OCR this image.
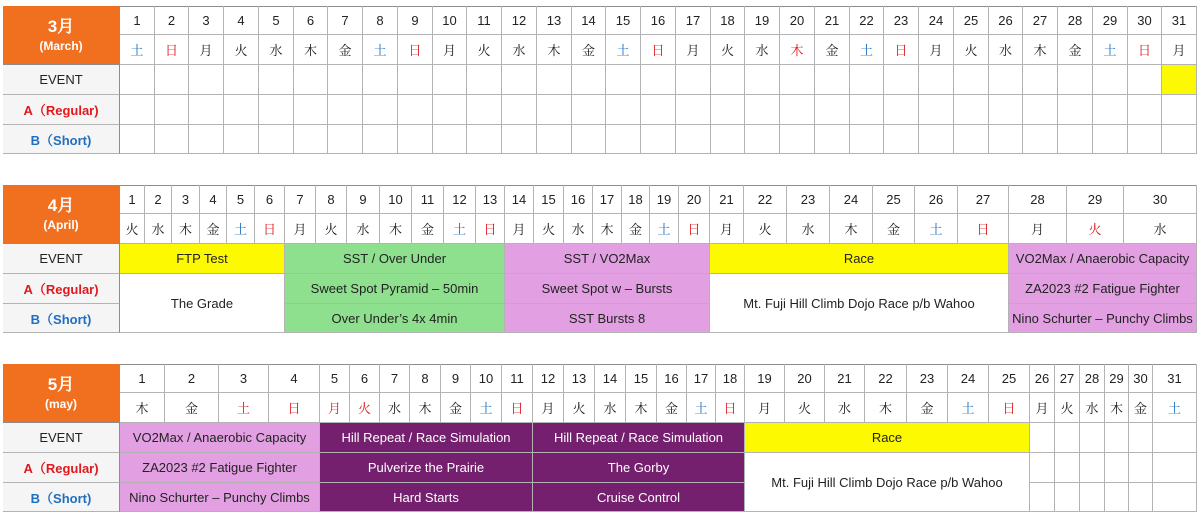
3月
(March)
1
土
2
日
3
月
4
火
5
水
6
木
7
金
8
土
9
日
10
月
11
火
12
水
13
木
14
金
15
土
16
日
17
月
18
火
19
水
20
木
21
金
22
土
23
日
24
月
25
火
26
水
27
木
28
金
29
土
30
日
31
月
EVENT
A（Regular)
B（Short)
4月
(April)
1
火
2
水
3
木
4
金
5
土
6
日
7
月
8
火
9
水
10
木
11
金
12
土
13
日
14
月
15
火
16
水
17
木
18
金
19
土
20
日
21
月
22
火
23
水
24
木
25
金
26
土
27
日
28
月
29
火
30
水
EVENT
A（Regular)
B（Short)
FTP Test
The Grade
SST / Over Under
Sweet Spot Pyramid – 50min
Over Under’s 4x 4min
SST / VO2Max
Sweet Spot w – Bursts
SST Bursts 8
Race
Mt. Fuji Hill Climb Dojo Race p/b Wahoo
VO2Max / Anaerobic Capacity
ZA2023 #2 Fatigue Fighter
Nino Schurter – Punchy Climbs
5月
(may)
1
木
2
金
3
土
4
日
5
月
6
火
7
水
8
木
9
金
10
土
11
日
12
月
13
火
14
水
15
木
16
金
17
土
18
日
19
月
20
火
21
水
22
木
23
金
24
土
25
日
26
月
27
火
28
水
29
木
30
金
31
土
EVENT
A（Regular)
B（Short)
VO2Max / Anaerobic Capacity
ZA2023 #2 Fatigue Fighter
Nino Schurter – Punchy Climbs
Hill Repeat / Race Simulation
Pulverize the Prairie
Hard Starts
Hill Repeat / Race Simulation
The Gorby
Cruise Control
Race
Mt. Fuji Hill Climb Dojo Race p/b Wahoo
